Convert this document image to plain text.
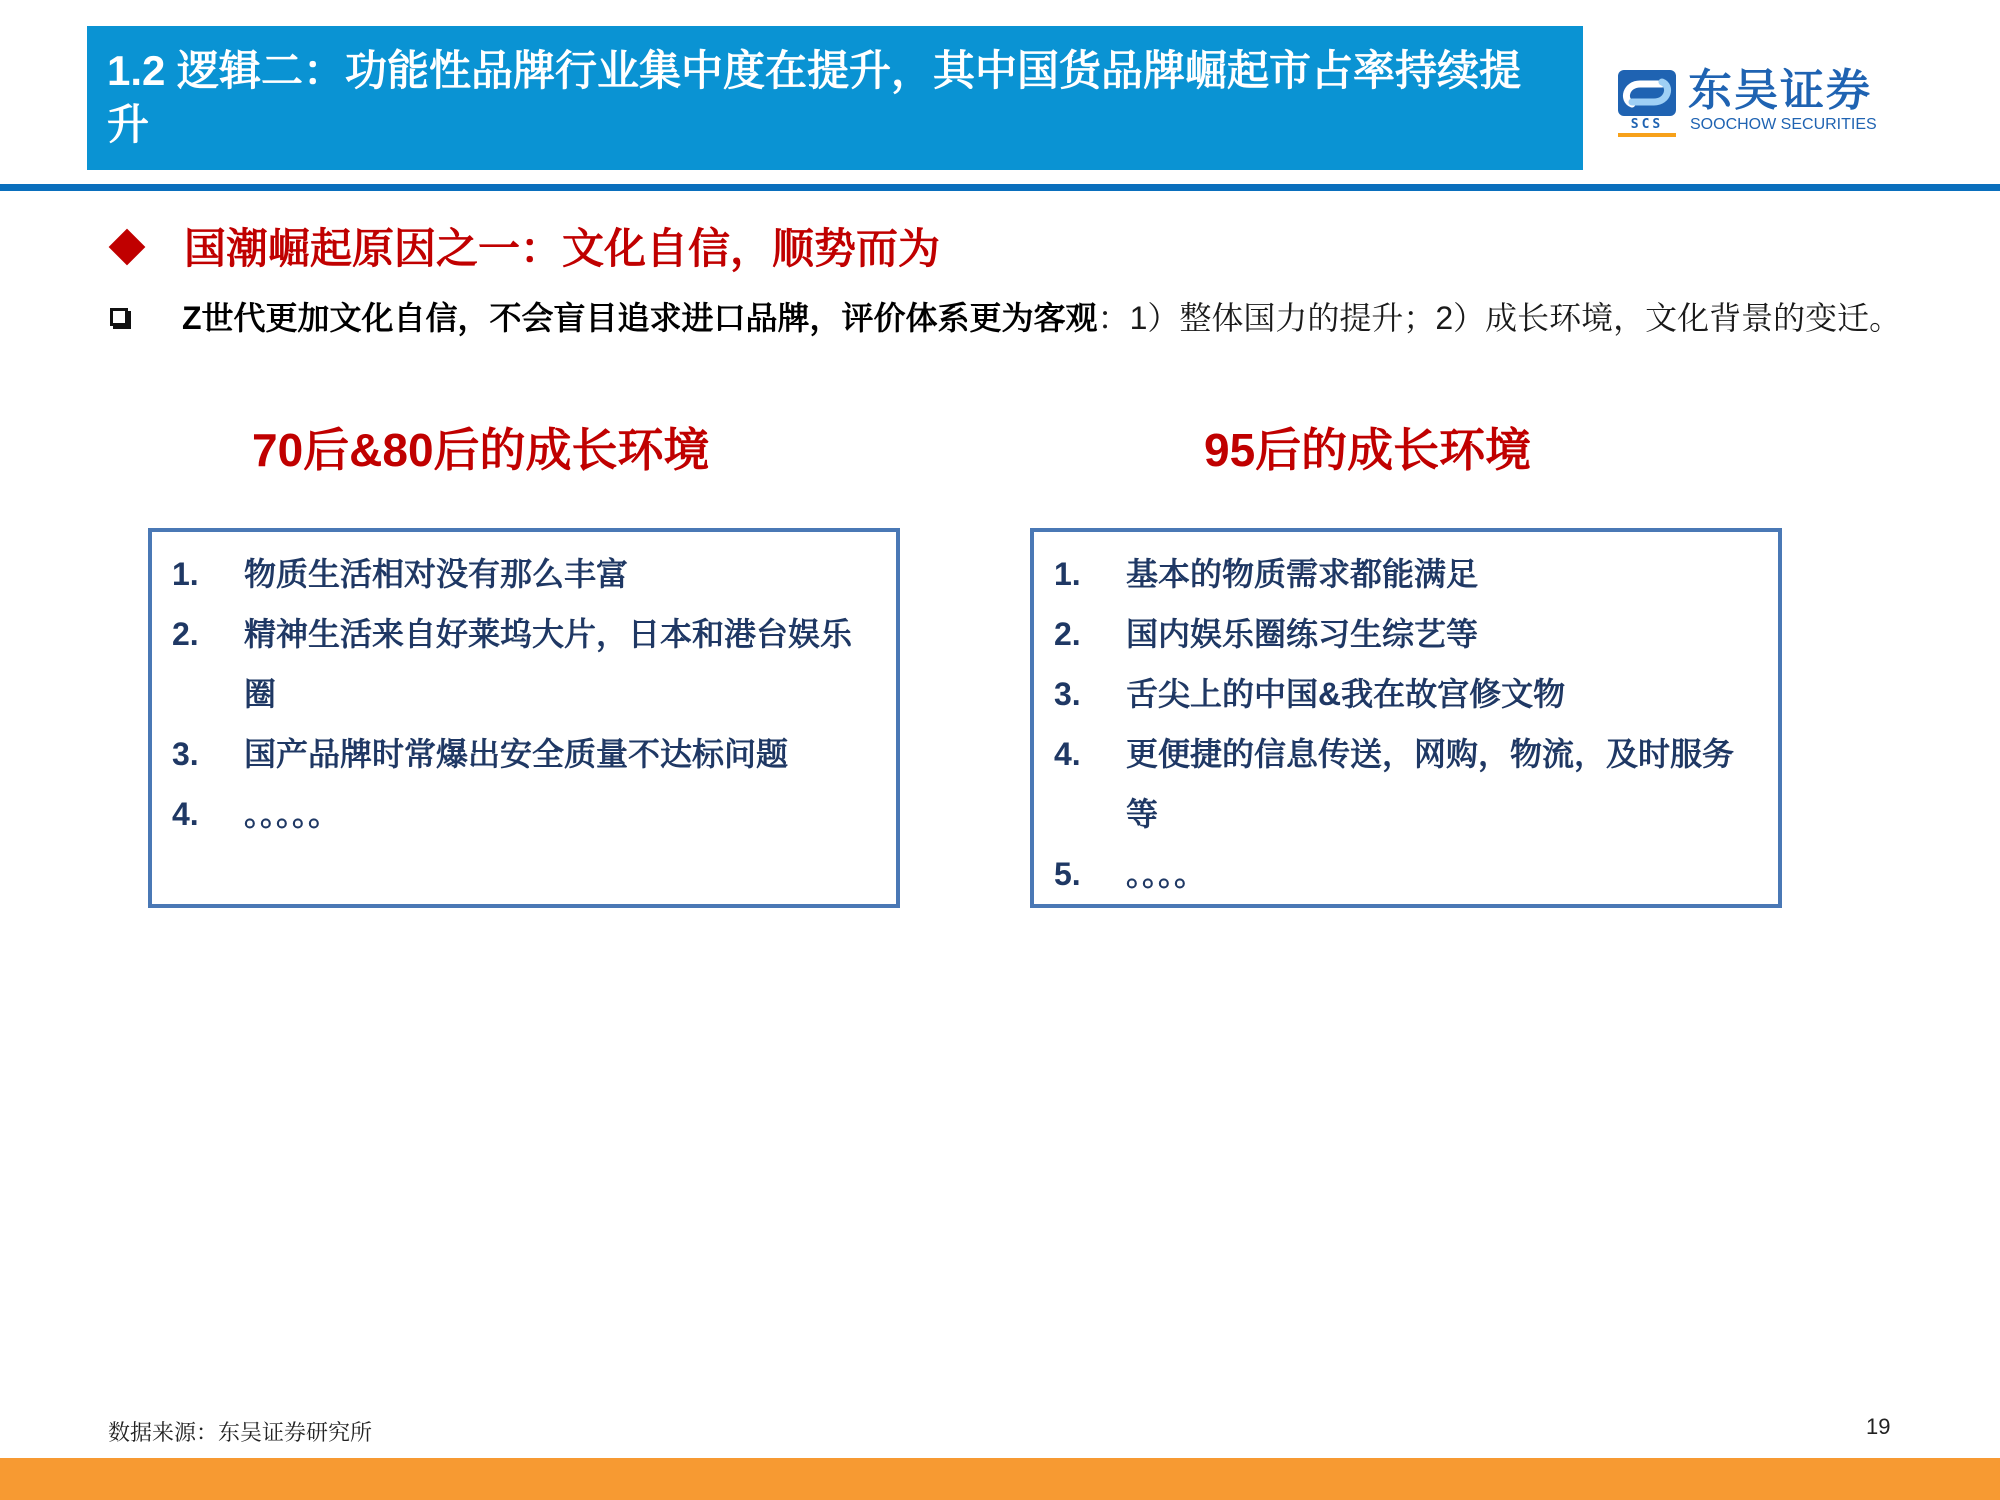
1.2 逻辑二：功能性品牌行业集中度在提升，其中国货品牌崛起市占率持续提升	SCS
东吴证券
SOOCHOW SECURITIES
国潮崛起原因之一：文化自信，顺势而为
Z世代更加文化自信，不会盲目追求进口品牌，评价体系更为客观：1）整体国力的提升；2）成长环境，文化背景的变迁。
70后&80后的成长环境	95后的成长环境
1. 物质生活相对没有那么丰富
2. 精神生活来自好莱坞大片，日本和港台娱乐圈
3. 国产品牌时常爆出安全质量不达标问题
4. 。。。。。
1. 基本的物质需求都能满足
2. 国内娱乐圈练习生综艺等
3. 舌尖上的中国&我在故宫修文物
4. 更便捷的信息传送，网购，物流，及时服务等
5. 。。。。
数据来源：东吴证券研究所	19
